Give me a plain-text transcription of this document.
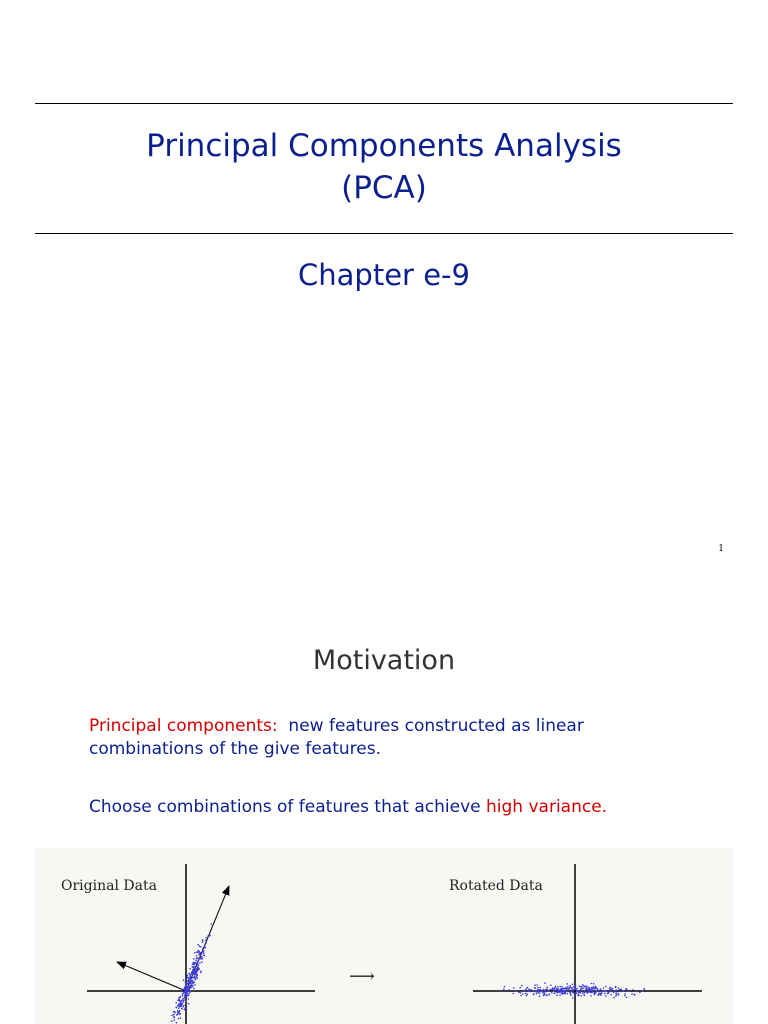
Principal Components Analysis
(PCA)
Chapter e-9
1
Motivation
Principal components: new features constructed as linear
combinations of the give features.
Choose combinations of features that achieve high variance.
Original Data	Rotated Data
⟶
